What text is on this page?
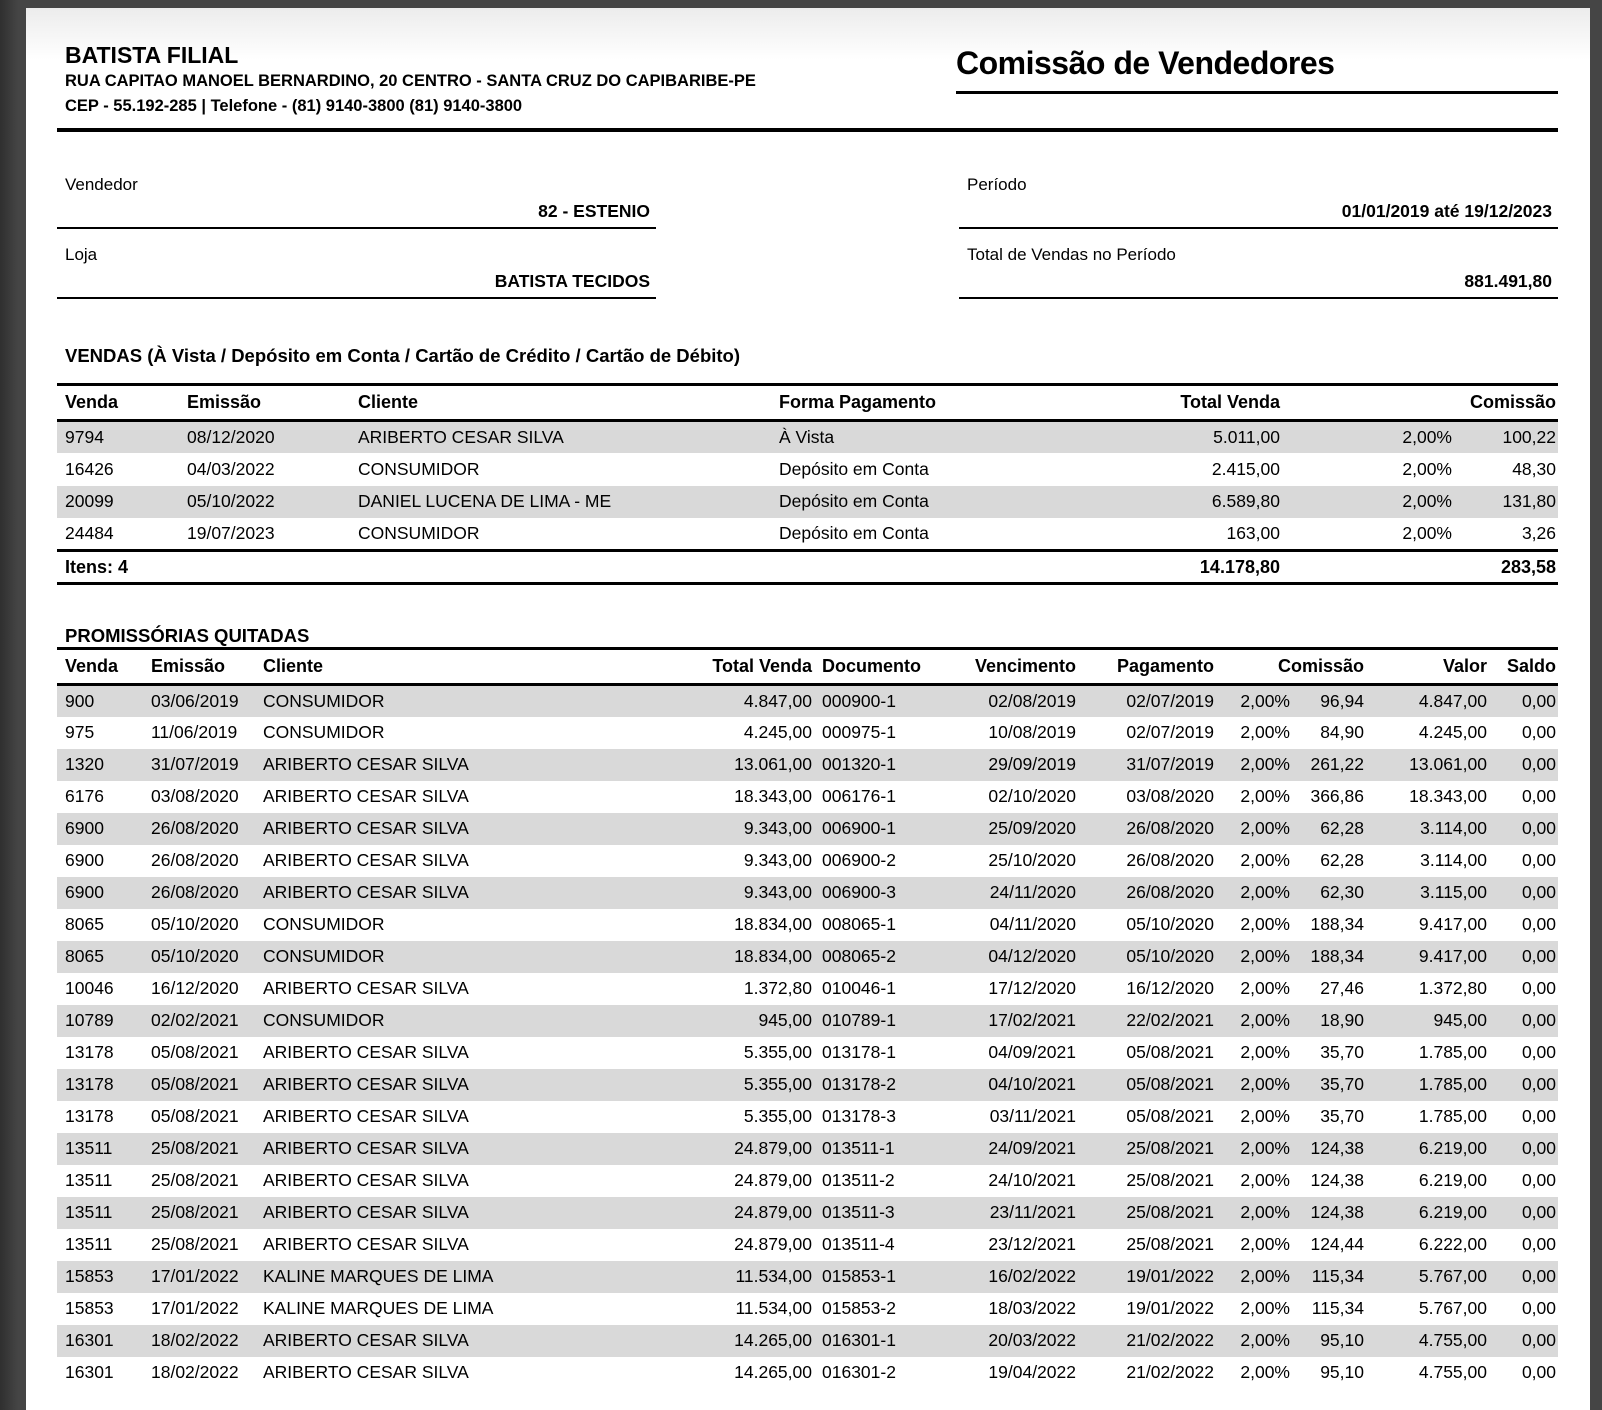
BATISTA FILIAL
RUA CAPITAO MANOEL BERNARDINO, 20 CENTRO - SANTA CRUZ DO CAPIBARIBE-PE
CEP - 55.192-285 | Telefone - (81) 9140-3800 (81) 9140-3800
Comissão de Vendedores
Vendedor
82 - ESTENIO
Loja
BATISTA TECIDOS
Período
01/01/2019 até 19/12/2023
Total de Vendas no Período
881.491,80
VENDAS (À Vista / Depósito em Conta / Cartão de Crédito / Cartão de Débito)
Venda	Emissão	Cliente	Forma Pagamento	Total Venda		Comissão
9794	08/12/2020	ARIBERTO CESAR SILVA	À Vista	5.011,00	2,00%	100,22
16426	04/03/2022	CONSUMIDOR	Depósito em Conta	2.415,00	2,00%	48,30
20099	05/10/2022	DANIEL LUCENA DE LIMA - ME	Depósito em Conta	6.589,80	2,00%	131,80
24484	19/07/2023	CONSUMIDOR	Depósito em Conta	163,00	2,00%	3,26
Itens: 4				14.178,80		283,58
PROMISSÓRIAS QUITADAS
Venda	Emissão	Cliente	Total Venda	Documento	Vencimento	Pagamento	Comissão		Valor	Saldo
900	03/06/2019	CONSUMIDOR	4.847,00	000900-1	02/08/2019	02/07/2019	2,00%	96,94	4.847,00	0,00
975	11/06/2019	CONSUMIDOR	4.245,00	000975-1	10/08/2019	02/07/2019	2,00%	84,90	4.245,00	0,00
1320	31/07/2019	ARIBERTO CESAR SILVA	13.061,00	001320-1	29/09/2019	31/07/2019	2,00%	261,22	13.061,00	0,00
6176	03/08/2020	ARIBERTO CESAR SILVA	18.343,00	006176-1	02/10/2020	03/08/2020	2,00%	366,86	18.343,00	0,00
6900	26/08/2020	ARIBERTO CESAR SILVA	9.343,00	006900-1	25/09/2020	26/08/2020	2,00%	62,28	3.114,00	0,00
6900	26/08/2020	ARIBERTO CESAR SILVA	9.343,00	006900-2	25/10/2020	26/08/2020	2,00%	62,28	3.114,00	0,00
6900	26/08/2020	ARIBERTO CESAR SILVA	9.343,00	006900-3	24/11/2020	26/08/2020	2,00%	62,30	3.115,00	0,00
8065	05/10/2020	CONSUMIDOR	18.834,00	008065-1	04/11/2020	05/10/2020	2,00%	188,34	9.417,00	0,00
8065	05/10/2020	CONSUMIDOR	18.834,00	008065-2	04/12/2020	05/10/2020	2,00%	188,34	9.417,00	0,00
10046	16/12/2020	ARIBERTO CESAR SILVA	1.372,80	010046-1	17/12/2020	16/12/2020	2,00%	27,46	1.372,80	0,00
10789	02/02/2021	CONSUMIDOR	945,00	010789-1	17/02/2021	22/02/2021	2,00%	18,90	945,00	0,00
13178	05/08/2021	ARIBERTO CESAR SILVA	5.355,00	013178-1	04/09/2021	05/08/2021	2,00%	35,70	1.785,00	0,00
13178	05/08/2021	ARIBERTO CESAR SILVA	5.355,00	013178-2	04/10/2021	05/08/2021	2,00%	35,70	1.785,00	0,00
13178	05/08/2021	ARIBERTO CESAR SILVA	5.355,00	013178-3	03/11/2021	05/08/2021	2,00%	35,70	1.785,00	0,00
13511	25/08/2021	ARIBERTO CESAR SILVA	24.879,00	013511-1	24/09/2021	25/08/2021	2,00%	124,38	6.219,00	0,00
13511	25/08/2021	ARIBERTO CESAR SILVA	24.879,00	013511-2	24/10/2021	25/08/2021	2,00%	124,38	6.219,00	0,00
13511	25/08/2021	ARIBERTO CESAR SILVA	24.879,00	013511-3	23/11/2021	25/08/2021	2,00%	124,38	6.219,00	0,00
13511	25/08/2021	ARIBERTO CESAR SILVA	24.879,00	013511-4	23/12/2021	25/08/2021	2,00%	124,44	6.222,00	0,00
15853	17/01/2022	KALINE MARQUES DE LIMA	11.534,00	015853-1	16/02/2022	19/01/2022	2,00%	115,34	5.767,00	0,00
15853	17/01/2022	KALINE MARQUES DE LIMA	11.534,00	015853-2	18/03/2022	19/01/2022	2,00%	115,34	5.767,00	0,00
16301	18/02/2022	ARIBERTO CESAR SILVA	14.265,00	016301-1	20/03/2022	21/02/2022	2,00%	95,10	4.755,00	0,00
16301	18/02/2022	ARIBERTO CESAR SILVA	14.265,00	016301-2	19/04/2022	21/02/2022	2,00%	95,10	4.755,00	0,00
